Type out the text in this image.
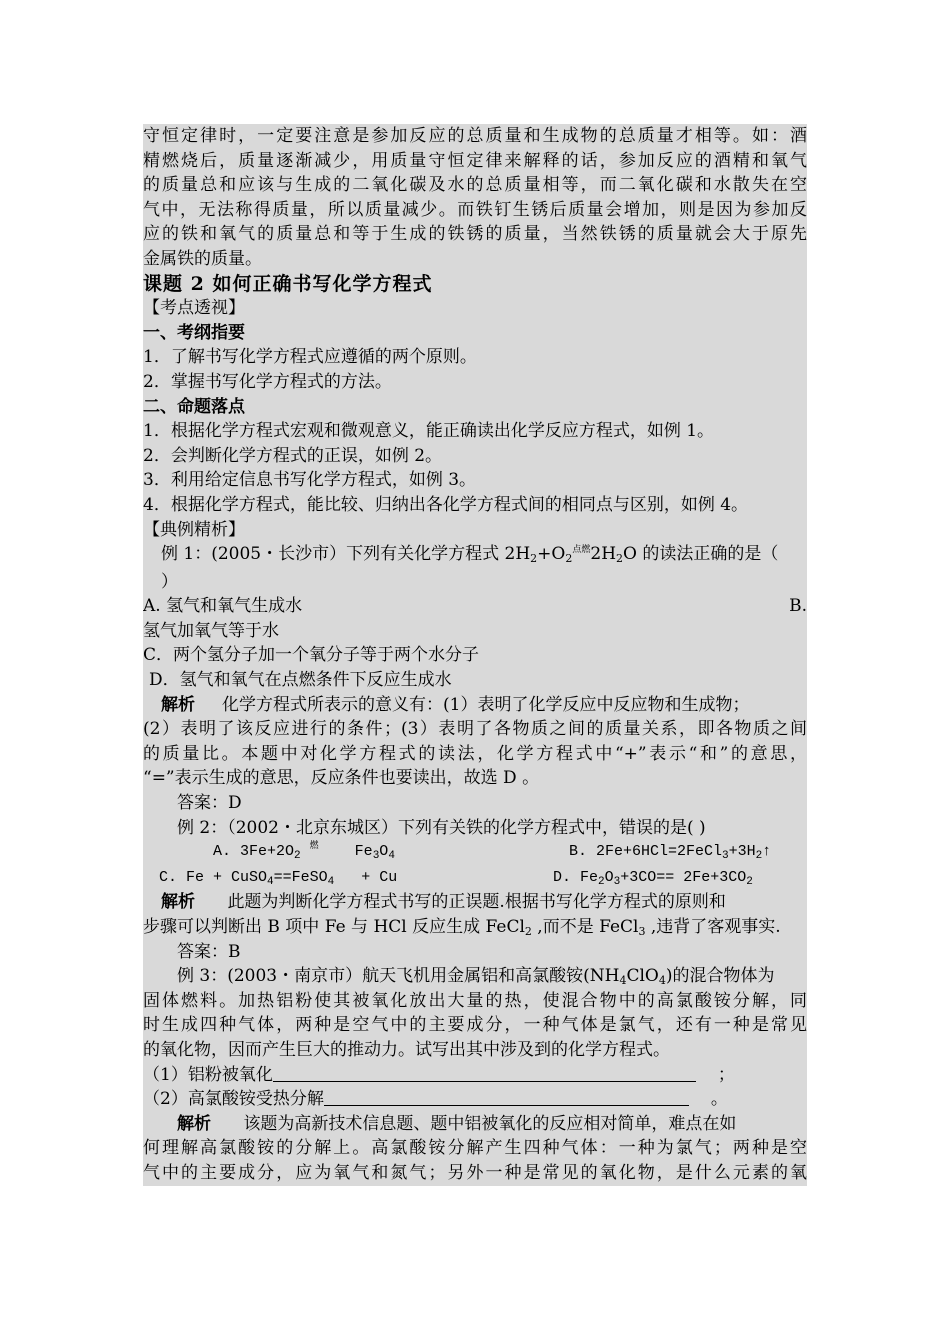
守恒定律时，一定要注意是参加反应的总质量和生成物的总质量才相等。如：酒
精燃烧后，质量逐渐减少，用质量守恒定律来解释的话，参加反应的酒精和氧气
的质量总和应该与生成的二氧化碳及水的总质量相等，而二氧化碳和水散失在空
气中，无法称得质量，所以质量减少。而铁钉生锈后质量会增加，则是因为参加反
应的铁和氧气的质量总和等于生成的铁锈的质量，当然铁锈的质量就会大于原先
金属铁的质量。
课题 2 如何正确书写化学方程式
【考点透视】
一、考纲指要
1．了解书写化学方程式应遵循的两个原则。
2．掌握书写化学方程式的方法。
二、命题落点
1．根据化学方程式宏观和微观意义，能正确读出化学反应方程式，如例 1。
2．会判断化学方程式的正误，如例 2。
3．利用给定信息书写化学方程式，如例 3。
4．根据化学方程式，能比较、归纳出各化学方程式间的相同点与区别，如例 4。
【典例精析】
例 1：(2005・长沙市）下列有关化学方程式 $2H_2+O_2^{点燃}2H_2O$ 的读法正确的是（
）
A. 氢气和氧气生成水	B.
氢气加氧气等于水
C．两个氢分子加一个氧分子等于两个水分子
D．氢气和氧气在点燃条件下反应生成水
解析 化学方程式所表示的意义有：(1）表明了化学反应中反应物和生成物；
(2）表明了该反应进行的条件；(3）表明了各物质之间的质量关系，即各物质之间
的质量比。本题中对化学方程式的读法，化学方程式中“+”表示“和”的意思，
“=”表示生成的意思，反应条件也要读出，故选 D 。
答案：D
例 2：（2002・北京东城区）下列有关铁的化学方程式中，错误的是( )
A. $3Fe+2O_2$ $^燃$ $Fe_3O_4$	B. $2Fe+6HCl=2FeCl_3+3H_2↑$
C. Fe + CuSO$_4$==FeSO$_4$   + Cu	D. $Fe_2O_3+3CO== 2Fe+3CO_2$
解析 此题为判断化学方程式书写的正误题.根据书写化学方程式的原则和
步骤可以判断出 B 项中 Fe 与 HCl 反应生成 FeCl$_2$ ,而不是 FeCl$_3$ ,违背了客观事实.
答案：B
例 3：(2003・南京市）航天飞机用金属铝和高氯酸铵$(NH_4ClO_4)$的混合物体为
固体燃料。加热铝粉使其被氧化放出大量的热，使混合物中的高氯酸铵分解，同
时生成四种气体，两种是空气中的主要成分，一种气体是氯气，还有一种是常见
的氧化物，因而产生巨大的推动力。试写出其中涉及到的化学方程式。
（1）铝粉被氧化	；
（2）高氯酸铵受热分解	。
解析 该题为高新技术信息题、题中铝被氧化的反应相对简单，难点在如
何理解高氯酸铵的分解上。高氯酸铵分解产生四种气体：一种为氯气；两种是空
气中的主要成分，应为氧气和氮气；另外一种是常见的氧化物，是什么元素的氧
